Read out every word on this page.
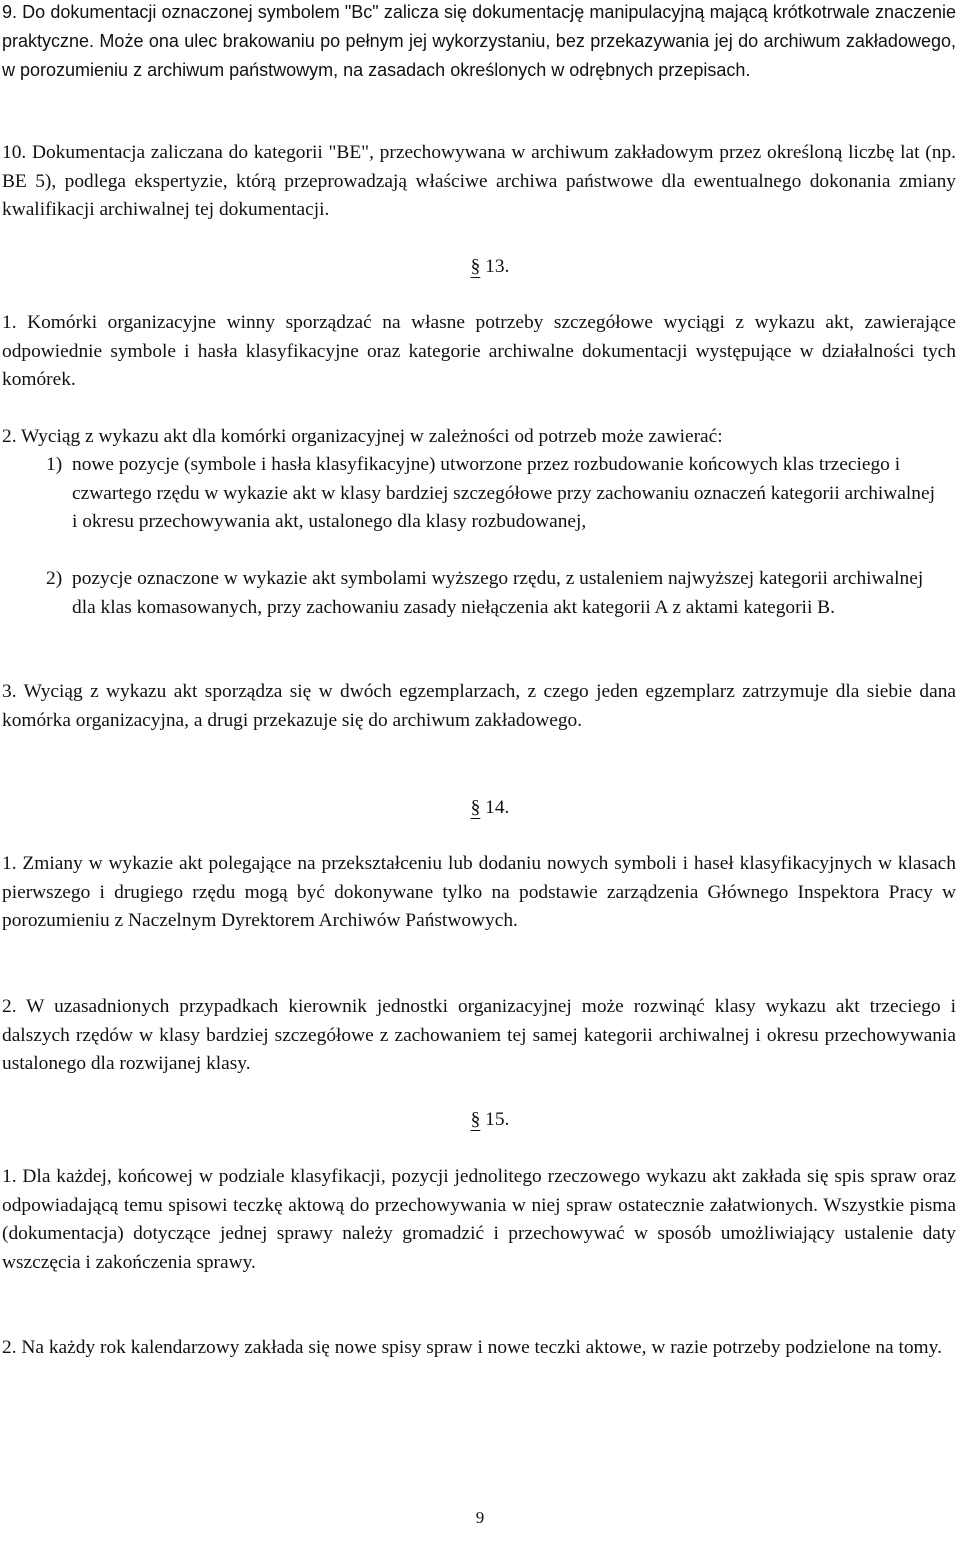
9. Do dokumentacji oznaczonej symbolem "Bc" zalicza się dokumentację manipulacyjną mającą krótkotrwale znaczenie praktyczne. Może ona ulec brakowaniu po pełnym jej wykorzystaniu, bez przekazywania jej do archiwum zakładowego, w porozumieniu z archiwum państwowym, na zasadach określonych w odrębnych przepisach.

10. Dokumentacja zaliczana do kategorii "BE", przechowywana w archiwum zakładowym przez określoną liczbę lat (np. BE 5), podlega ekspertyzie, którą przeprowadzają właściwe archiwa państwowe dla ewentualnego dokonania zmiany kwalifikacji archiwalnej tej dokumentacji.

§ 13.

1. Komórki organizacyjne winny sporządzać na własne potrzeby szczegółowe wyciągi z wykazu akt, zawierające odpowiednie symbole i hasła klasyfikacyjne oraz kategorie archiwalne dokumentacji występujące w działalności tych komórek.

2. Wyciąg z wykazu akt dla komórki organizacyjnej w zależności od potrzeb może zawierać:

1) nowe pozycje (symbole i hasła klasyfikacyjne) utworzone przez rozbudowanie końcowych klas trzeciego i czwartego rzędu w wykazie akt w klasy bardziej szczegółowe przy zachowaniu oznaczeń kategorii archiwalnej i okresu przechowywania akt, ustalonego dla klasy rozbudowanej,

2) pozycje oznaczone w wykazie akt symbolami wyższego rzędu, z ustaleniem najwyższej kategorii archiwalnej dla klas komasowanych, przy zachowaniu zasady niełączenia akt kategorii A z aktami kategorii B.

3. Wyciąg z wykazu akt sporządza się w dwóch egzemplarzach, z czego jeden egzemplarz zatrzymuje dla siebie dana komórka organizacyjna, a drugi przekazuje się do archiwum zakładowego.

§ 14.

1. Zmiany w wykazie akt polegające na przekształceniu lub dodaniu nowych symboli i haseł klasyfikacyjnych w klasach pierwszego i drugiego rzędu mogą być dokonywane tylko na podstawie zarządzenia Głównego Inspektora Pracy w porozumieniu z Naczelnym Dyrektorem Archiwów Państwowych.

2. W uzasadnionych przypadkach kierownik jednostki organizacyjnej może rozwinąć klasy wykazu akt trzeciego i dalszych rzędów w klasy bardziej szczegółowe z zachowaniem tej samej kategorii archiwalnej i okresu przechowywania ustalonego dla rozwijanej klasy.

§ 15.

1. Dla każdej, końcowej w podziale klasyfikacji, pozycji jednolitego rzeczowego wykazu akt zakłada się spis spraw oraz odpowiadającą temu spisowi teczkę aktową do przechowywania w niej spraw ostatecznie załatwionych. Wszystkie pisma (dokumentacja) dotyczące jednej sprawy należy gromadzić i przechowywać w sposób umożliwiający ustalenie daty wszczęcia i zakończenia sprawy.

2. Na każdy rok kalendarzowy zakłada się nowe spisy spraw i nowe teczki aktowe, w razie potrzeby podzielone na tomy.

9
